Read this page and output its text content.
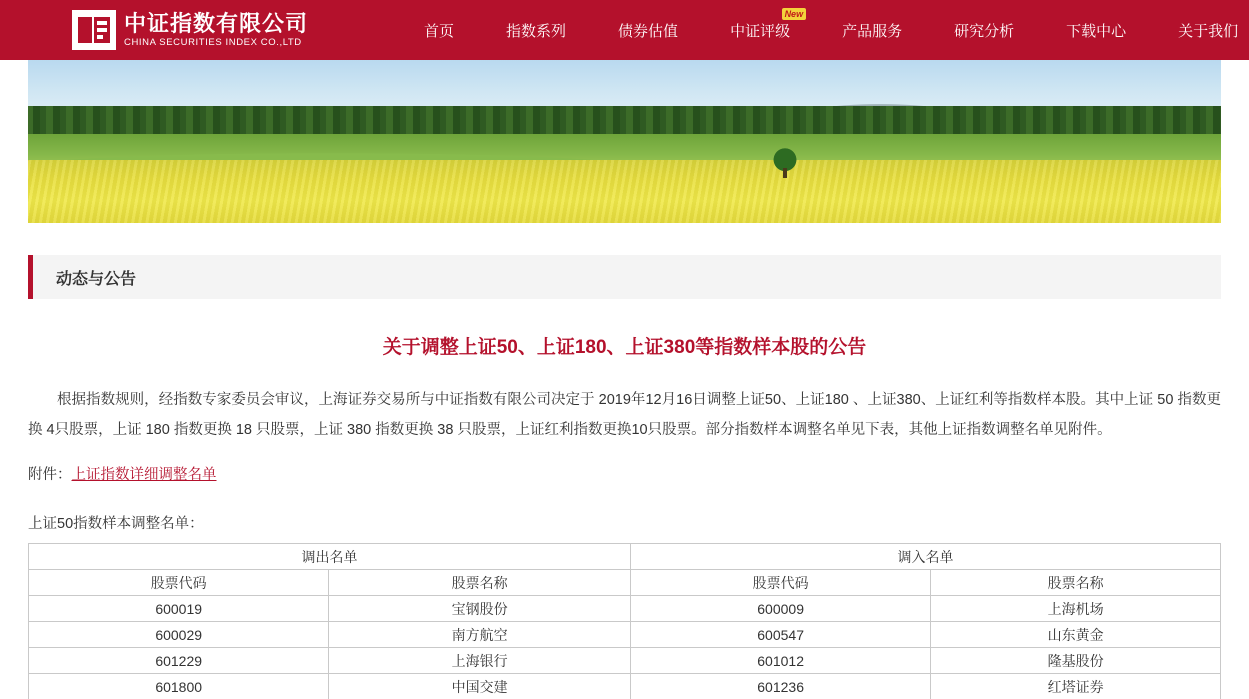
中证指数有限公司
CHINA SECURITIES INDEX CO.,LTD
首页	指数系列	债券估值	中证评级
New
产品服务	研究分析	下载中心	关于我们
动态与公告
关于调整上证50、上证180、上证380等指数样本股的公告

根据指数规则，经指数专家委员会审议，上海证券交易所与中证指数有限公司决定于 2019年12月16日调整上证50、上证180 、上证380、上证红利等指数样本股。其中上证 50 指数更换 4只股票，上证 180 指数更换 18 只股票，上证 380 指数更换 38 只股票，上证红利指数更换10只股票。部分指数样本调整名单见下表，其他上证指数调整名单见附件。

附件：上证指数详细调整名单
上证50指数样本调整名单：
调出名单		调入名单	
股票代码	股票名称	股票代码	股票名称
600019	宝钢股份	600009	上海机场
600029	南方航空	600547	山东黄金
601229	上海银行	601012	隆基股份
601800	中国交建	601236	红塔证券
